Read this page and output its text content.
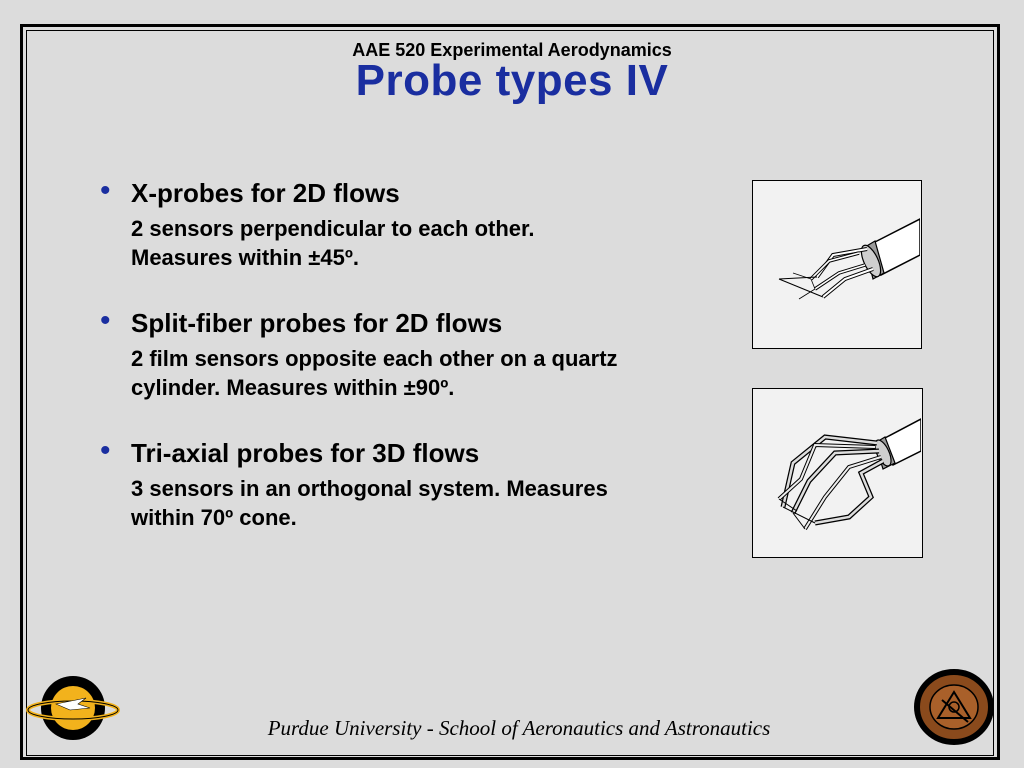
AAE 520 Experimental Aerodynamics
Probe types IV
• X-probes for 2D flows
2 sensors perpendicular to each other.
Measures within ±45º.
• Split-fiber probes for 2D flows
2 film sensors opposite each other on a quartz
cylinder. Measures within ±90º.
• Tri-axial probes for 3D flows
3 sensors in an orthogonal system. Measures
within 70º cone.
Purdue University - School of Aeronautics and Astronautics
